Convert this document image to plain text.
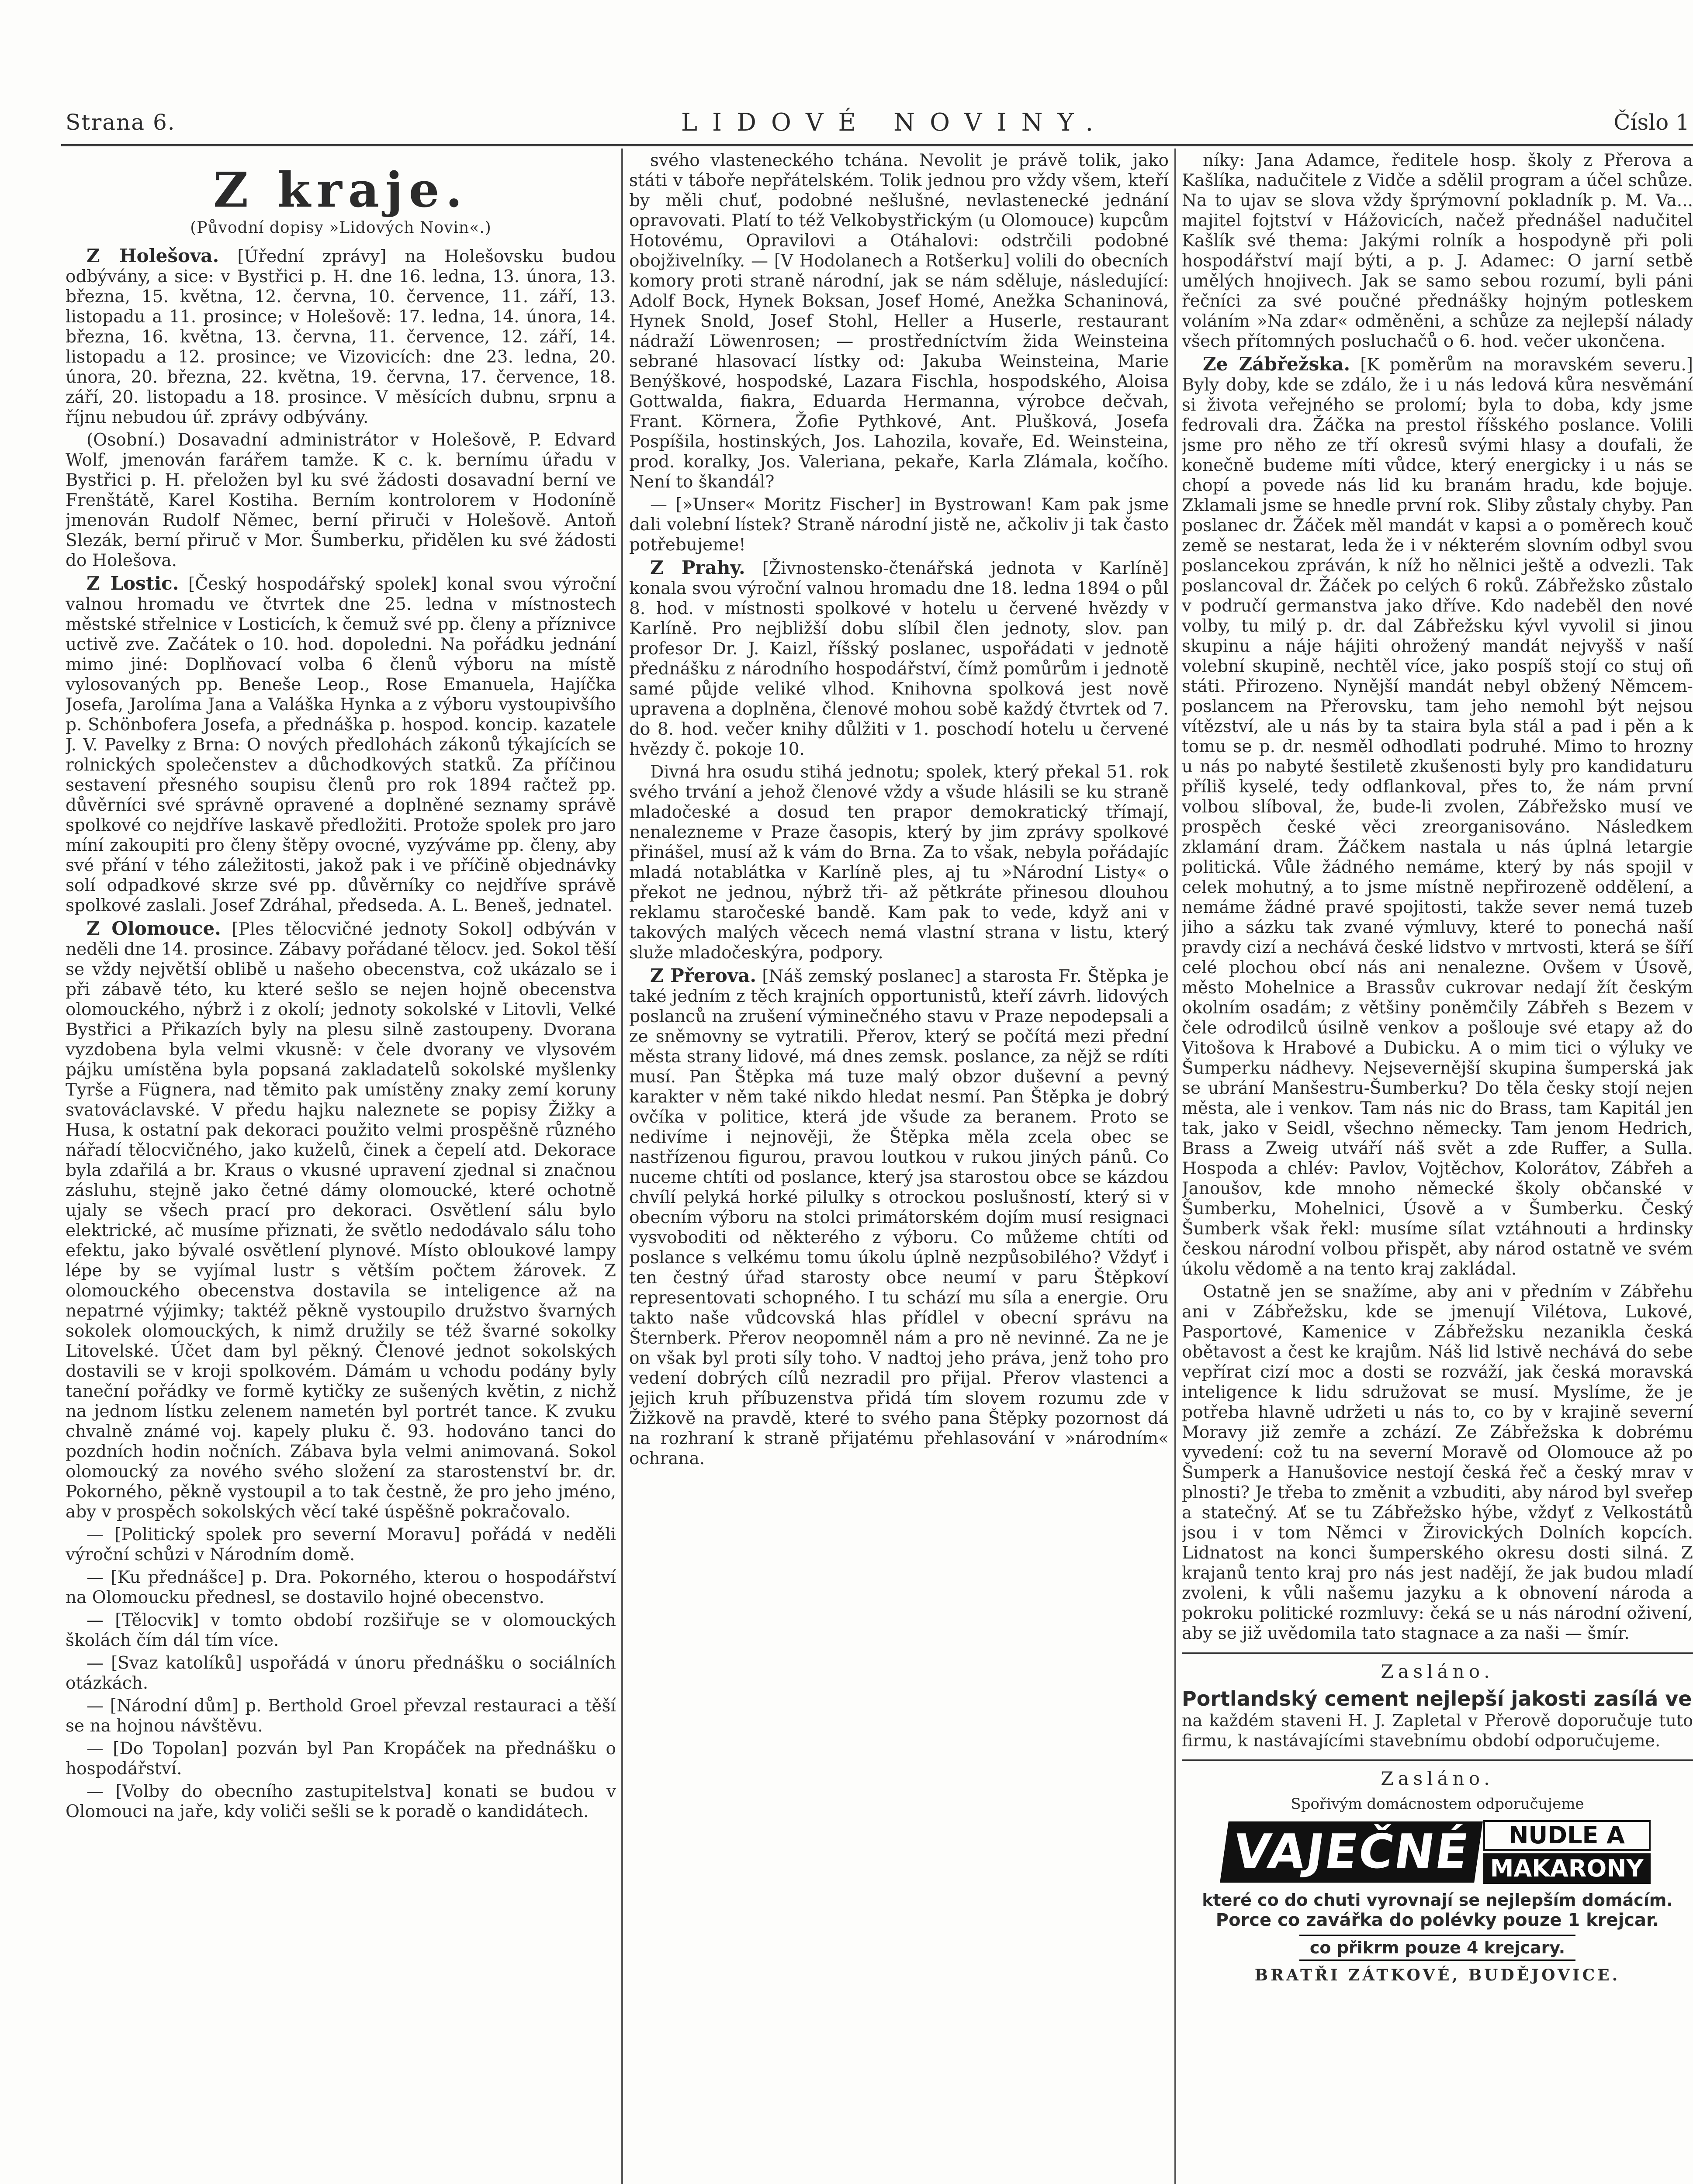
Strana 6.	LIDOVÉ NOVINY.	Číslo 1
Z kraje.
(Původní dopisy »Lidových Novin«.)

Z Holešova. [Úřední zprávy] na Holešovsku budou odbývány, a sice: v Bystřici p. H. dne 16. ledna, 13. února, 13. března, 15. května, 12. června, 10. července, 11. září, 13. listopadu a 11. prosince; v Holešově: 17. ledna, 14. února, 14. března, 16. května, 13. června, 11. července, 12. září, 14. listopadu a 12. prosince; ve Vizovicích: dne 23. ledna, 20. února, 20. března, 22. května, 19. června, 17. července, 18. září, 20. listopadu a 18. prosince. V měsících dubnu, srpnu a říjnu nebudou úř. zprávy odbývány.

(Osobní.) Dosavadní administrátor v Holešově, P. Edvard Wolf, jmenován farářem tamže. K c. k. bernímu úřadu v Bystřici p. H. přeložen byl ku své žádosti dosavadní berní ve Frenštátě, Karel Kostiha. Berním kontrolorem v Hodoníně jmenován Rudolf Němec, berní přiruči v Holešově. Antoň Slezák, berní přiruč v Mor. Šumberku, přidělen ku své žádosti do Holešova.

Z Lostic. [Český hospodářský spolek] konal svou výroční valnou hromadu ve čtvrtek dne 25. ledna v místnostech městské střelnice v Losticích, k čemuž své pp. členy a příznivce uctivě zve. Začátek o 10. hod. dopoledni. Na pořádku jednání mimo jiné: Doplňovací volba 6 členů výboru na místě vylosovaných pp. Beneše Leop., Rose Emanuela, Hajíčka Josefa, Jarolíma Jana a Valáška Hynka a z výboru vystoupivšího p. Schönbofera Josefa, a přednáška p. hospod. koncip. kazatele J. V. Pavelky z Brna: O nových předlohách zákonů týkajících se rolnických společenstev a důchodkových statků. Za příčinou sestavení přesného soupisu členů pro rok 1894 račtež pp. důvěrníci své správně opravené a doplněné seznamy správě spolkové co nejdříve laskavě předložiti. Protože spolek pro jaro míní zakoupiti pro členy štěpy ovocné, vyzýváme pp. členy, aby své přání v tého záležitosti, jakož pak i ve příčině objednávky solí odpadkové skrze své pp. důvěrníky co nejdříve správě spolkové zaslali. Josef Zdráhal, předseda. A. L. Beneš, jednatel.

Z Olomouce. [Ples tělocvičné jednoty Sokol] odbýván v neděli dne 14. prosince. Zábavy pořádané tělocv. jed. Sokol těší se vždy největší oblibě u našeho obecenstva, což ukázalo se i při zábavě této, ku které sešlo se nejen hojně obecenstva olomouckého, nýbrž i z okolí; jednoty sokolské v Litovli, Velké Bystřici a Přikazích byly na plesu silně zastoupeny. Dvorana vyzdobena byla velmi vkusně: v čele dvorany ve vlysovém pájku umístěna byla popsaná zakladatelů sokolské myšlenky Tyrše a Fügnera, nad těmito pak umístěny znaky zemí koruny svatováclavské. V předu hajku naleznete se popisy Žižky a Husa, k ostatní pak dekoraci použito velmi prospěšně různého nářadí tělocvičného, jako kuželů, činek a čepelí atd. Dekorace byla zdařilá a br. Kraus o vkusné upravení zjednal si značnou zásluhu, stejně jako četné dámy olomoucké, které ochotně ujaly se všech prací pro dekoraci. Osvětlení sálu bylo elektrické, ač musíme přiznati, že světlo nedodávalo sálu toho efektu, jako bývalé osvětlení plynové. Místo obloukové lampy lépe by se vyjímal lustr s větším počtem žárovek. Z olomouckého obecenstva dostavila se inteligence až na nepatrné výjimky; taktéž pěkně vystoupilo družstvo švarných sokolek olomouckých, k nimž družily se též švarné sokolky Litovelské. Účet dam byl pěkný. Členové jednot sokolských dostavili se v kroji spolkovém. Dámám u vchodu podány byly taneční pořádky ve formě kytičky ze sušených květin, z nichž na jednom lístku zelenem nametén byl portrét tance. K zvuku chvalně známé voj. kapely pluku č. 93. hodováno tanci do pozdních hodin nočních. Zábava byla velmi animovaná. Sokol olomoucký za nového svého složení za starostenství br. dr. Pokorného, pěkně vystoupil a to tak čestně, že pro jeho jméno, aby v prospěch sokolských věcí také úspěšně pokračovalo.

— [Politický spolek pro severní Moravu] pořádá v neděli výroční schůzi v Národním domě.

— [Ku přednášce] p. Dra. Pokorného, kterou o hospodářství na Olomoucku přednesl, se dostavilo hojné obecenstvo.

— [Tělocvik] v tomto období rozšiřuje se v olomouckých školách čím dál tím více.

— [Svaz katolíků] uspořádá v únoru přednášku o sociálních otázkách.

— [Národní dům] p. Berthold Groel převzal restauraci a těší se na hojnou návštěvu.

— [Do Topolan] pozván byl Pan Kropáček na přednášku o hospodářství.

— [Volby do obecního zastupitelstva] konati se budou v Olomouci na jaře, kdy voliči sešli se k poradě o kandidátech.

svého vlasteneckého tchána. Nevolit je právě tolik, jako státi v táboře nepřátelském. Tolik jednou pro vždy všem, kteří by měli chuť, podobné nešlušné, nevlastenecké jednání opravovati. Platí to též Velkobystřickým (u Olomouce) kupcům Hotovému, Opravilovi a Otáhalovi: odstrčili podobné obojživelníky. — [V Hodolanech a Rotšerku] volili do obecních komory proti straně národní, jak se nám sděluje, následující: Adolf Bock, Hynek Boksan, Josef Homé, Anežka Schaninová, Hynek Snold, Josef Stohl, Heller a Huserle, restaurant nádraží Löwenrosen; — prostředníctvím žida Weinsteina sebrané hlasovací lístky od: Jakuba Weinsteina, Marie Benýškové, hospodské, Lazara Fischla, hospodského, Aloisa Gottwalda, fiakra, Eduarda Hermanna, výrobce dečvah, Frant. Körnera, Žofie Pythkové, Ant. Plušková, Josefa Pospíšila, hostinských, Jos. Lahozila, kovaře, Ed. Weinsteina, prod. koralky, Jos. Valeriana, pekaře, Karla Zlámala, kočího. Není to škandál?

— [»Unser« Moritz Fischer] in Bystrowan! Kam pak jsme dali volební lístek? Straně národní jistě ne, ačkoliv ji tak často potřebujeme!

Z Prahy. [Živnostensko-čtenářská jednota v Karlíně] konala svou výroční valnou hromadu dne 18. ledna 1894 o půl 8. hod. v místnosti spolkové v hotelu u červené hvězdy v Karlíně. Pro nejbližší dobu slíbil člen jednoty, slov. pan profesor Dr. J. Kaizl, říšský poslanec, uspořádati v jednotě přednášku z národního hospodářství, čímž pomůrům i jednotě samé půjde veliké vlhod. Knihovna spolková jest nově upravena a doplněna, členové mohou sobě každý čtvrtek od 7. do 8. hod. večer knihy důlžiti v 1. poschodí hotelu u červené hvězdy č. pokoje 10.

Divná hra osudu stihá jednotu; spolek, který překal 51. rok svého trvání a jehož členové vždy a všude hlásili se ku straně mladočeské a dosud ten prapor demokratický třímají, nenalezneme v Praze časopis, který by jim zprávy spolkové přinášel, musí až k vám do Brna. Za to však, nebyla pořádajíc mladá notablátka v Karlíně ples, aj tu »Národní Listy« o překot ne jednou, nýbrž tři- až pětkráte přinesou dlouhou reklamu staročeské bandě. Kam pak to vede, když ani v takových malých věcech nemá vlastní strana v listu, který služe mladočeskýra, podpory.

Z Přerova. [Náš zemský poslanec] a starosta Fr. Štěpka je také jedním z těch krajních opportunistů, kteří závrh. lidových poslanců na zrušení výminečného stavu v Praze nepodepsali a ze sněmovny se vytratili. Přerov, který se počítá mezi přední města strany lidové, má dnes zemsk. poslance, za nějž se rdíti musí. Pan Štěpka má tuze malý obzor duševní a pevný karakter v něm také nikdo hledat nesmí. Pan Štěpka je dobrý ovčíka v politice, která jde všude za beranem. Proto se nedivíme i nejnověji, že Štěpka měla zcela obec se nastřízenou figurou, pravou loutkou v rukou jiných pánů. Co nuceme chtíti od poslance, který jsa starostou obce se kázdou chvílí pelyká horké pilulky s otrockou poslušností, který si v obecním výboru na stolci primátorském dojím musí resignaci vysvoboditi od některého z výboru. Co můžeme chtíti od poslance s velkému tomu úkolu úplně nezpůsobilého? Vždyť i ten čestný úřad starosty obce neumí v paru Štěpkoví representovati schopného. I tu schází mu síla a energie. Oru takto naše vůdcovská hlas přídlel v obecní správu na Šternberk. Přerov neopomněl nám a pro ně nevinné. Za ne je on však byl proti síly toho. V nadtoj jeho práva, jenž toho pro vedení dobrých cílů nezradil pro přijal. Přerov vlastenci a jejich kruh příbuzenstva přidá tím slovem rozumu zde v Žižkově na pravdě, které to svého pana Štěpky pozornost dá na rozhraní k straně přijatému přehlasování v »národním« ochrana.

níky: Jana Adamce, ředitele hosp. školy z Přerova a Kašlíka, nadučitele z Vidče a sdělil program a účel schůze. Na to ujav se slova vždy šprýmovní pokladník p. M. Va... majitel fojtství v Hážovicích, načež přednášel nadučitel Kašlík své thema: Jakými rolník a hospodyně při poli hospodářství mají býti, a p. J. Adamec: O jarní setbě umělých hnojivech. Jak se samo sebou rozumí, byli páni řečníci za své poučné přednášky hojným potleskem voláním »Na zdar« odměněni, a schůze za nejlepší nálady všech přítomných posluchačů o 6. hod. večer ukončena.

Ze Zábřežska. [K poměrům na moravském severu.] Byly doby, kde se zdálo, že i u nás ledová kůra nesvěmání si života veřejného se prolomí; byla to doba, kdy jsme fedrovali dra. Žáčka na prestol říšského poslance. Volili jsme pro něho ze tří okresů svými hlasy a doufali, že konečně budeme míti vůdce, který energicky i u nás se chopí a povede nás lid ku branám hradu, kde bojuje. Zklamali jsme se hnedle první rok. Sliby zůstaly chyby. Pan poslanec dr. Žáček měl mandát v kapsi a o poměrech kouč země se nestarat, leda že i v nékterém slovním odbyl svou poslancekou zpráván, k níž ho nělnici ještě a odvezli. Tak poslancoval dr. Žáček po celých 6 roků. Zábřežsko zůstalo v područí germanstva jako dříve. Kdo nadeběl den nové volby, tu milý p. dr. dal Zábřežsku kývl vyvolil si jinou skupinu a náje hájiti ohrožený mandát nejvyšš v naší volební skupině, nechtěl více, jako pospíš stojí co stuj oñ státi. Přirozeno. Nynější mandát nebyl obžený Němcem-poslancem na Přerovsku, tam jeho nemohl být nejsou vítězství, ale u nás by ta staira byla stál a pad i pěn a k tomu se p. dr. nesměl odhodlati podruhé. Mimo to hrozny u nás po nabyté šestiletě zkušenosti byly pro kandidaturu příliš kyselé, tedy odflankoval, přes to, že nám první volbou slíboval, že, bude-li zvolen, Zábřežsko musí ve prospěch české věci zreorganisováno. Následkem zklamání dram. Žáčkem nastala u nás úplná letargie politická. Vůle žádného nemáme, který by nás spojil v celek mohutný, a to jsme místně nepřirozeně oddělení, a nemáme žádné pravé spojitosti, takže sever nemá tuzeb jiho a sázku tak zvané výmluvy, které to ponechá naší pravdy cizí a nechává české lidstvo v mrtvosti, která se šíří celé plochou obcí nás ani nenalezne. Ovšem v Úsově, město Mohelnice a Brassův cukrovar nedají žít českým okolním osadám; z většiny poněmčily Zábřeh s Bezem v čele odrodilců úsilně venkov a pošlouje své etapy až do Vitošova k Hrabové a Dubicku. A o mim tici o výluky ve Šumperku nádhevy. Nejsevernější skupina šumperská jak se ubrání Manšestru-Šumberku? Do těla česky stojí nejen města, ale i venkov. Tam nás nic do Brass, tam Kapitál jen tak, jako v Seidl, všechno německy. Tam jenom Hedrich, Brass a Zweig utváří náš svět a zde Ruffer, a Sulla. Hospoda a chlév: Pavlov, Vojtěchov, Kolorátov, Zábřeh a Janoušov, kde mnoho německé školy občanské v Šumberku, Mohelnici, Úsově a v Šumberku. Český Šumberk však řekl: musíme sílat vztáhnouti a hrdinsky českou národní volbou přispět, aby národ ostatně ve svém úkolu vědomě a na tento kraj zakládal.

Ostatně jen se snažíme, aby ani v předním v Zábřehu ani v Zábřežsku, kde se jmenují Vilétova, Lukové, Pasportové, Kamenice v Zábřežsku nezanikla česká obětavost a čest ke krajům. Náš lid lstivě nechává do sebe vepřírat cizí moc a dosti se rozváží, jak česká moravská inteligence k lidu sdružovat se musí. Myslíme, že je potřeba hlavně udržeti u nás to, co by v krajině severní Moravy již zemře a zchází. Ze Zábřežska k dobrému vyvedení: což tu na severní Moravě od Olomouce až po Šumperk a Hanušovice nestojí česká řeč a český mrav v plnosti? Je třeba to změnit a vzbuditi, aby národ byl sveřep a statečný. Ať se tu Zábřežsko hýbe, vždyť z Velkostátů jsou i v tom Němci v Žirovických Dolních kopcích. Lidnatost na konci šumperského okresu dosti silná. Z krajanů tento kraj pro nás jest nadějí, že jak budou mladí zvoleni, k vůli našemu jazyku a k obnovení národa a pokroku politické rozmluvy: čeká se u nás národní oživení, aby se již uvědomila tato stagnace a za naši — šmír.

Zasláno.
Portlandský cement nejlepší jakosti zasílá ve
na každém staveni H. J. Zapletal v Přerově doporučuje tuto firmu, k nastávajícími stavebnímu období odporučujeme.
Zasláno.
Spořivým domácnostem odporučujeme
VAJEČNÉ	NUDLE A
MAKARONY
které co do chuti vyrovnají se nejlepším domácím.
Porce co zavářka do polévky pouze 1 krejcar.
co přikrm pouze 4 krejcary.
BRATŘI ZÁTKOVÉ, BUDĚJOVICE.
